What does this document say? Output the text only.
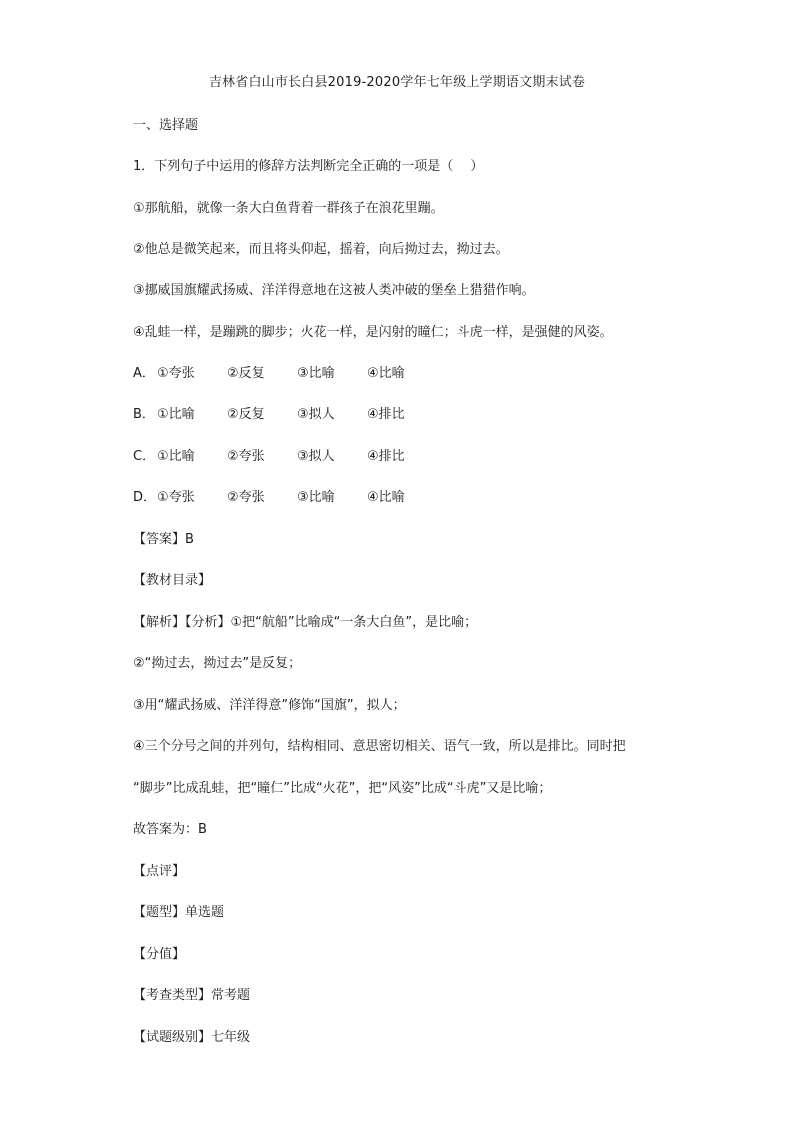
吉林省白山市长白县2019-2020学年七年级上学期语文期末试卷
一、选择题
1．下列句子中运用的修辞方法判断完全正确的一项是（　 ）
①那航船，就像一条大白鱼背着一群孩子在浪花里蹦。
②他总是微笑起来，而且将头仰起，摇着，向后拗过去，拗过去。
③挪威国旗耀武扬威、洋洋得意地在这被人类冲破的堡垒上猎猎作响。
④乱蛙一样，是蹦跳的脚步；火花一样，是闪射的瞳仁；斗虎一样，是强健的风姿。
A． ①夸张 ②反复 ③比喻 ④比喻
B． ①比喻 ②反复 ③拟人 ④排比
C． ①比喻 ②夸张 ③拟人 ④排比
D．①夸张 ②夸张 ③比喻 ④比喻
【答案】B
【教材目录】
【解析】【分析】①把“航船”比喻成“一条大白鱼”，是比喻；
②“拗过去，拗过去”是反复；
③用“耀武扬威、洋洋得意”修饰“国旗”，拟人；
④三个分号之间的并列句，结构相同、意思密切相关、语气一致，所以是排比。同时把
“脚步”比成乱蛙，把“瞳仁”比成“火花”，把“风姿”比成“斗虎”又是比喻；
故答案为：B
【点评】
【题型】单选题
【分值】
【考查类型】常考题
【试题级别】七年级
